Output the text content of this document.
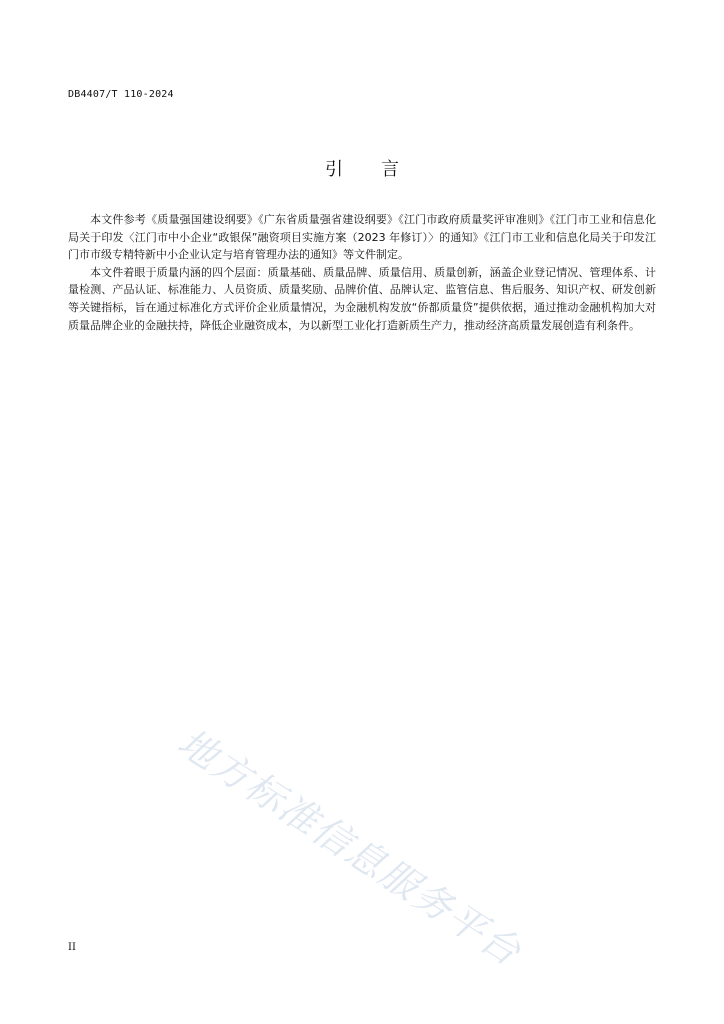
DB4407/T 110-2024
引言

本文件参考《质量强国建设纲要》《广东省质量强省建设纲要》《江门市政府质量奖评审准则》《江门市工业和信息化局关于印发〈江门市中小企业“政银保”融资项目实施方案（2023 年修订）〉的通知》《江门市工业和信息化局关于印发江门市市级专精特新中小企业认定与培育管理办法的通知》等文件制定。

本文件着眼于质量内涵的四个层面：质量基础、质量品牌、质量信用、质量创新，涵盖企业登记情况、管理体系、计量检测、产品认证、标准能力、人员资质、质量奖励、品牌价值、品牌认定、监管信息、售后服务、知识产权、研发创新等关键指标，旨在通过标准化方式评价企业质量情况，为金融机构发放“侨都质量贷”提供依据，通过推动金融机构加大对质量品牌企业的金融扶持，降低企业融资成本，为以新型工业化打造新质生产力，推动经济高质量发展创造有利条件。

地方标准信息服务平台
II
